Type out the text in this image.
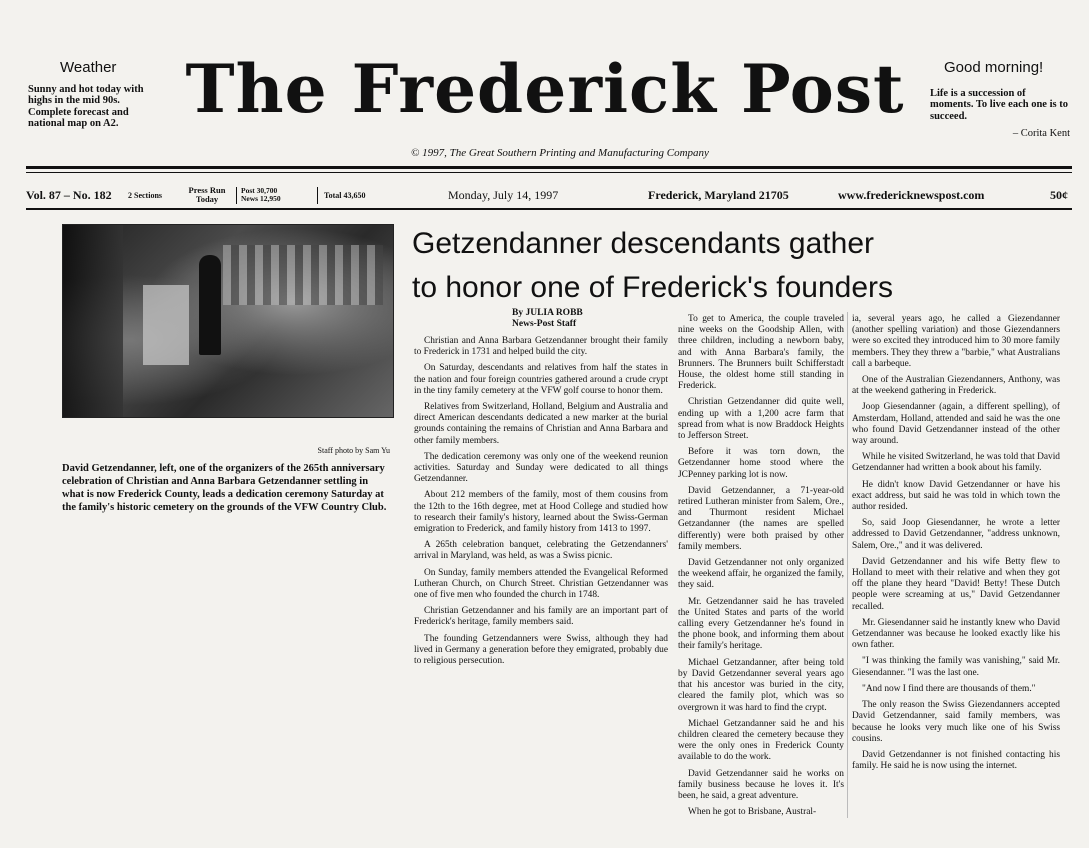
Weather
Sunny and hot today with highs in the mid 90s. Complete forecast and national map on A2.	The Frederick Post	Good morning!
Life is a succession of moments. To live each one is to succeed.
– Corita Kent
© 1997, The Great Southern Printing and Manufacturing Company
Vol. 87 – No. 182	2 Sections	Press Run Today
Post 30,700
News 12,950	Total 43,650	Monday, July 14, 1997	Frederick, Maryland 21705	www.fredericknewspost.com	50¢
Staff photo by Sam Yu
David Getzendanner, left, one of the organizers of the 265th anniversary celebration of Christian and Anna Barbara Getzendanner settling in what is now Frederick County, leads a dedication ceremony Saturday at the family's historic cemetery on the grounds of the VFW Country Club.
Getzendanner descendants gather
to honor one of Frederick's founders
By JULIA ROBB
News-Post Staff

Christian and Anna Barbara Getzendanner brought their family to Frederick in 1731 and helped build the city.

On Saturday, descendants and relatives from half the states in the nation and four foreign countries gathered around a crude crypt in the tiny family cemetery at the VFW golf course to honor them.

Relatives from Switzerland, Holland, Belgium and Australia and direct American descendants dedicated a new marker at the burial grounds containing the remains of Christian and Anna Barbara and other family members.

The dedication ceremony was only one of the weekend reunion activities. Saturday and Sunday were dedicated to all things Getzendanner.

About 212 members of the family, most of them cousins from the 12th to the 16th degree, met at Hood College and studied how to research their family's history, learned about the Swiss-German emigration to Frederick, and family history from 1413 to 1997.

A 265th celebration banquet, celebrating the Getzendanners' arrival in Maryland, was held, as was a Swiss picnic.

On Sunday, family members attended the Evangelical Reformed Lutheran Church, on Church Street. Christian Getzendanner was one of five men who founded the church in 1748.

Christian Getzendanner and his family are an important part of Frederick's heritage, family members said.

The founding Getzendanners were Swiss, although they had lived in Germany a generation before they emigrated, probably due to religious persecution.

To get to America, the couple traveled nine weeks on the Goodship Allen, with three children, including a newborn baby, and with Anna Barbara's family, the Brunners. The Brunners built Schifferstadt House, the oldest home still standing in Frederick.

Christian Getzendanner did quite well, ending up with a 1,200 acre farm that spread from what is now Braddock Heights to Jefferson Street.

Before it was torn down, the Getzendanner home stood where the JCPenney parking lot is now.

David Getzendanner, a 71-year-old retired Lutheran minister from Salem, Ore., and Thurmont resident Michael Getzandanner (the names are spelled differently) were both praised by other family members.

David Getzendanner not only organized the weekend affair, he organized the family, they said.

Mr. Getzendanner said he has traveled the United States and parts of the world calling every Getzendanner he's found in the phone book, and informing them about their family's heritage.

Michael Getzandanner, after being told by David Getzendanner several years ago that his ancestor was buried in the city, cleared the family plot, which was so overgrown it was hard to find the crypt.

Michael Getzandanner said he and his children cleared the cemetery because they were the only ones in Frederick County available to do the work.

David Getzendanner said he works on family business because he loves it. It's been, he said, a great adventure.

When he got to Brisbane, Austral-

ia, several years ago, he called a Giezendanner (another spelling variation) and those Giezendanners were so excited they introduced him to 30 more family members. They they threw a "barbie," what Australians call a barbeque.

One of the Australian Giezendanners, Anthony, was at the weekend gathering in Frederick.

Joop Giesendanner (again, a different spelling), of Amsterdam, Holland, attended and said he was the one who found David Getzendanner instead of the other way around.

While he visited Switzerland, he was told that David Getzendanner had written a book about his family.

He didn't know David Getzendanner or have his exact address, but said he was told in which town the author resided.

So, said Joop Giesendanner, he wrote a letter addressed to David Getzendanner, "address unknown, Salem, Ore.," and it was delivered.

David Getzendanner and his wife Betty flew to Holland to meet with their relative and when they got off the plane they heard "David! Betty! These Dutch people were screaming at us," David Getzendanner recalled.

Mr. Giesendanner said he instantly knew who David Getzendanner was because he looked exactly like his own father.

"I was thinking the family was vanishing," said Mr. Giesendanner. "I was the last one.

"And now I find there are thousands of them."

The only reason the Swiss Giezendanners accepted David Getzendanner, said family members, was because he looks very much like one of his Swiss cousins.

David Getzendanner is not finished contacting his family. He said he is now using the internet.
